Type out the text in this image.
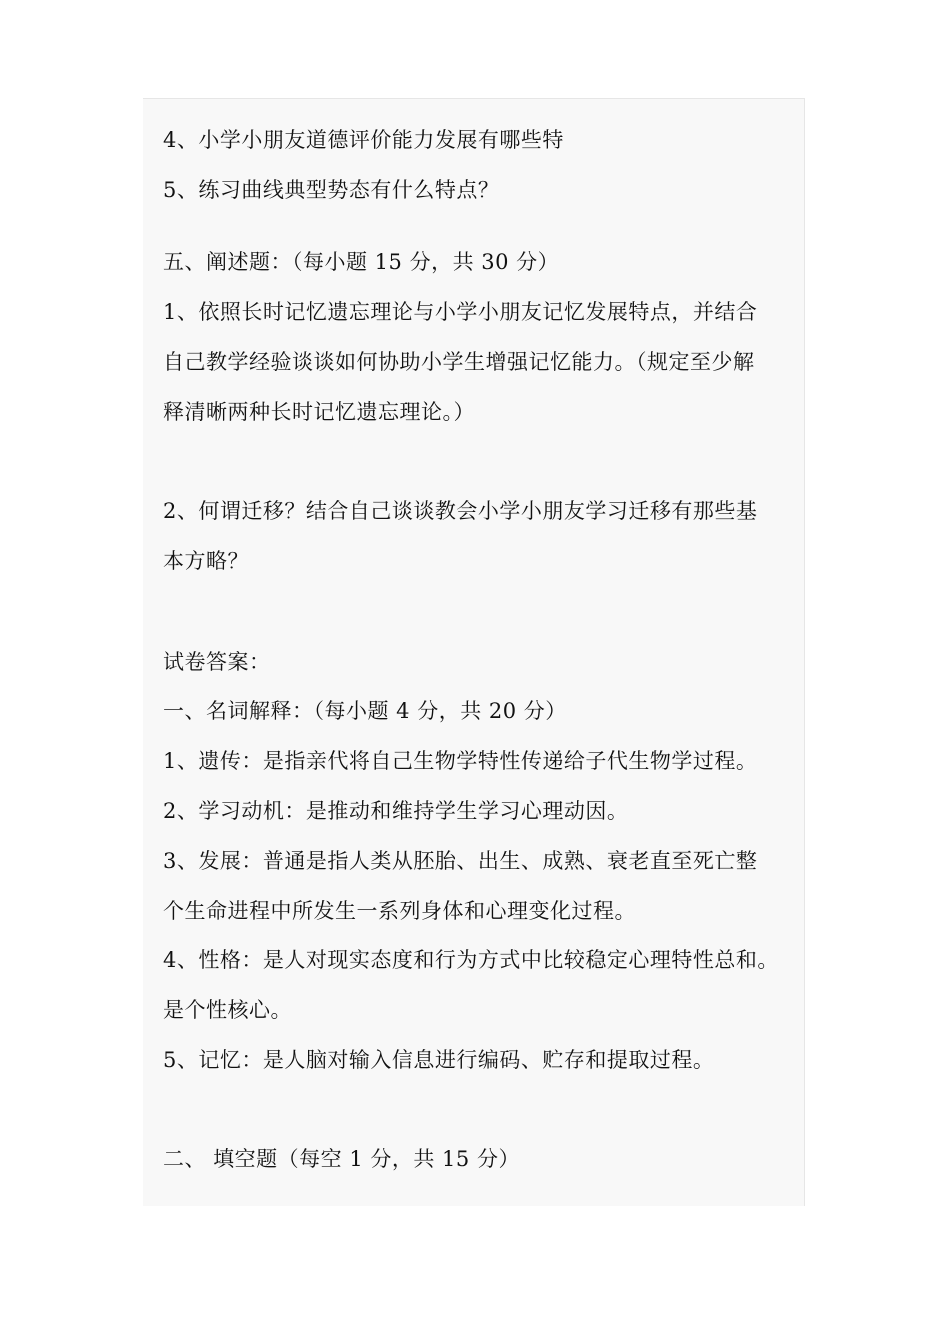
4、小学小朋友道德评价能力发展有哪些特
5、练习曲线典型势态有什么特点？
五、阐述题：（每小题 15 分，共 30 分）
1、依照长时记忆遗忘理论与小学小朋友记忆发展特点，并结合
自己教学经验谈谈如何协助小学生增强记忆能力。（规定至少解
释清晰两种长时记忆遗忘理论。）
2、何谓迁移？结合自己谈谈教会小学小朋友学习迁移有那些基
本方略？
试卷答案：
一、名词解释：（每小题 4 分，共 20 分）
1、遗传：是指亲代将自己生物学特性传递给子代生物学过程。
2、学习动机：是推动和维持学生学习心理动因。
3、发展：普通是指人类从胚胎、出生、成熟、衰老直至死亡整
个生命进程中所发生一系列身体和心理变化过程。
4、性格：是人对现实态度和行为方式中比较稳定心理特性总和。
是个性核心。
5、记忆：是人脑对输入信息进行编码、贮存和提取过程。
二、 填空题（每空 1 分，共 15 分）
